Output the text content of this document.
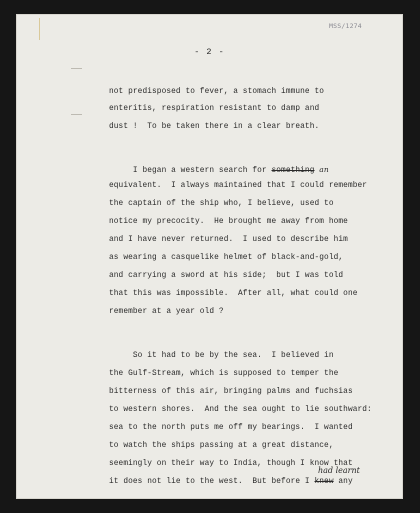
MSS/1274
- 2 -
not predisposed to fever, a stomach immune to
enteritis, respiration resistant to damp and
dust !  To be taken there in a clear breath.
I began a western search for something an
equivalent.  I always maintained that I could remember
the captain of the ship who, I believe, used to
notice my precocity.  He brought me away from home
and I have never returned.  I used to describe him
as wearing a casquelike helmet of black-and-gold,
and carrying a sword at his side;  but I was told
that this was impossible.  After all, what could one
remember at a year old ?
So it had to be by the sea.  I believed in
the Gulf-Stream, which is supposed to temper the
bitterness of this air, bringing palms and fuchsias
to western shores.  And the sea ought to lie southward:
sea to the north puts me off my bearings.  I wanted
to watch the ships passing at a great distance,
seemingly on their way to India, though I know that
had learnt
it does not lie to the west.  But before I knew any
